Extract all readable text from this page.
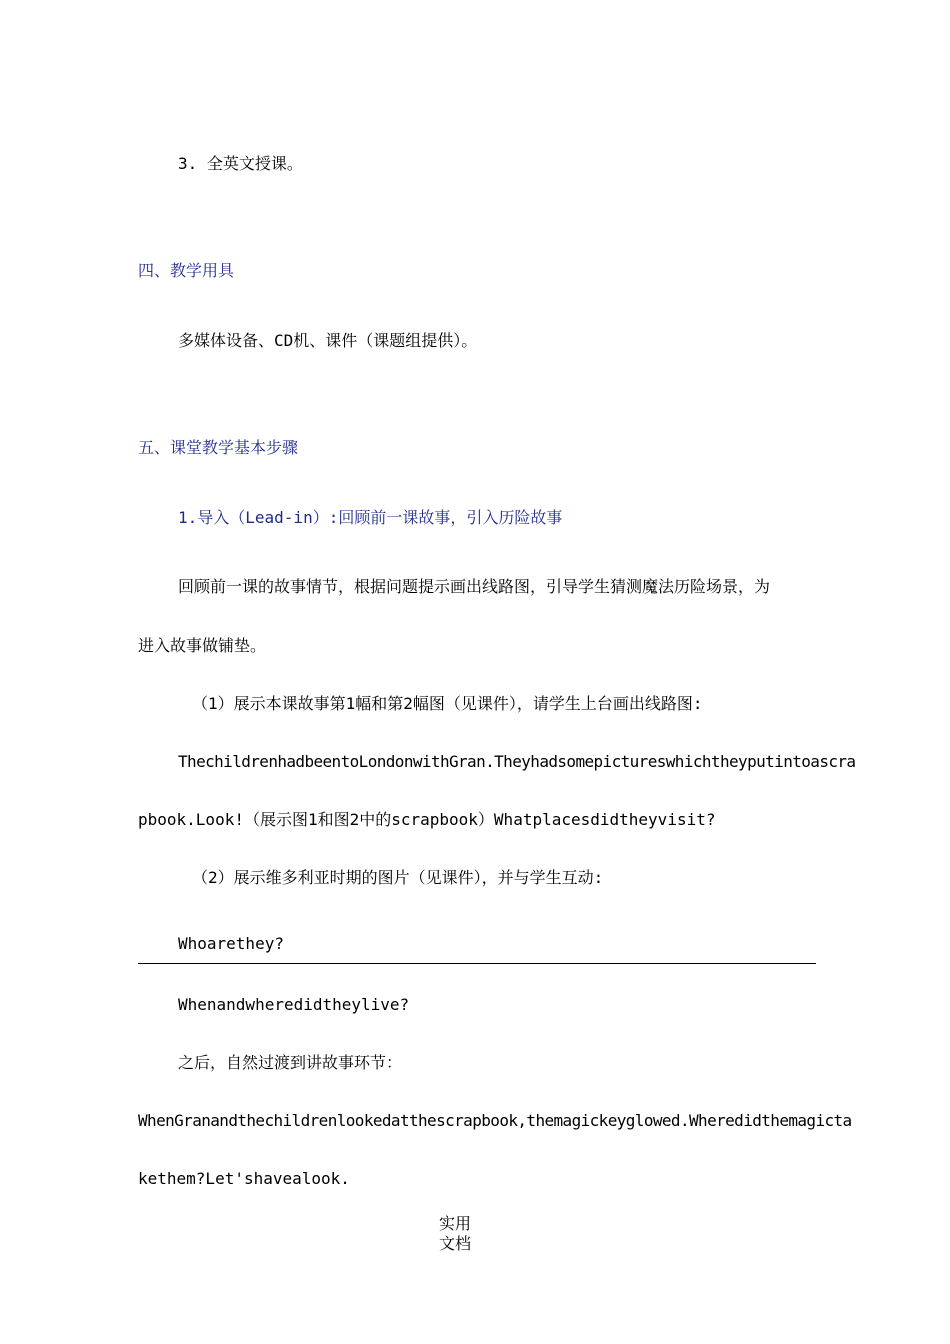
3. 全英文授课。
四、教学用具
多媒体设备、CD机、课件（课题组提供）。
五、课堂教学基本步骤
1.导入（Lead-in）:回顾前一课故事，引入历险故事
回顾前一课的故事情节，根据问题提示画出线路图，引导学生猜测魔法历险场景，为
进入故事做铺垫。
（1）展示本课故事第1幅和第2幅图（见课件），请学生上台画出线路图:
ThechildrenhadbeentoLondonwithGran.Theyhadsomepictureswhichtheyputintoascra
pbook.Look!（展示图1和图2中的scrapbook）Whatplacesdidtheyvisit?
（2）展示维多利亚时期的图片（见课件），并与学生互动:
Whoarethey?
Whenandwheredidtheylive?
之后，自然过渡到讲故事环节：
WhenGranandthechildrenlookedatthescrapbook,themagickeyglowed.Wheredidthemagicta
kethem?Let'shavealook.
实用
文档
